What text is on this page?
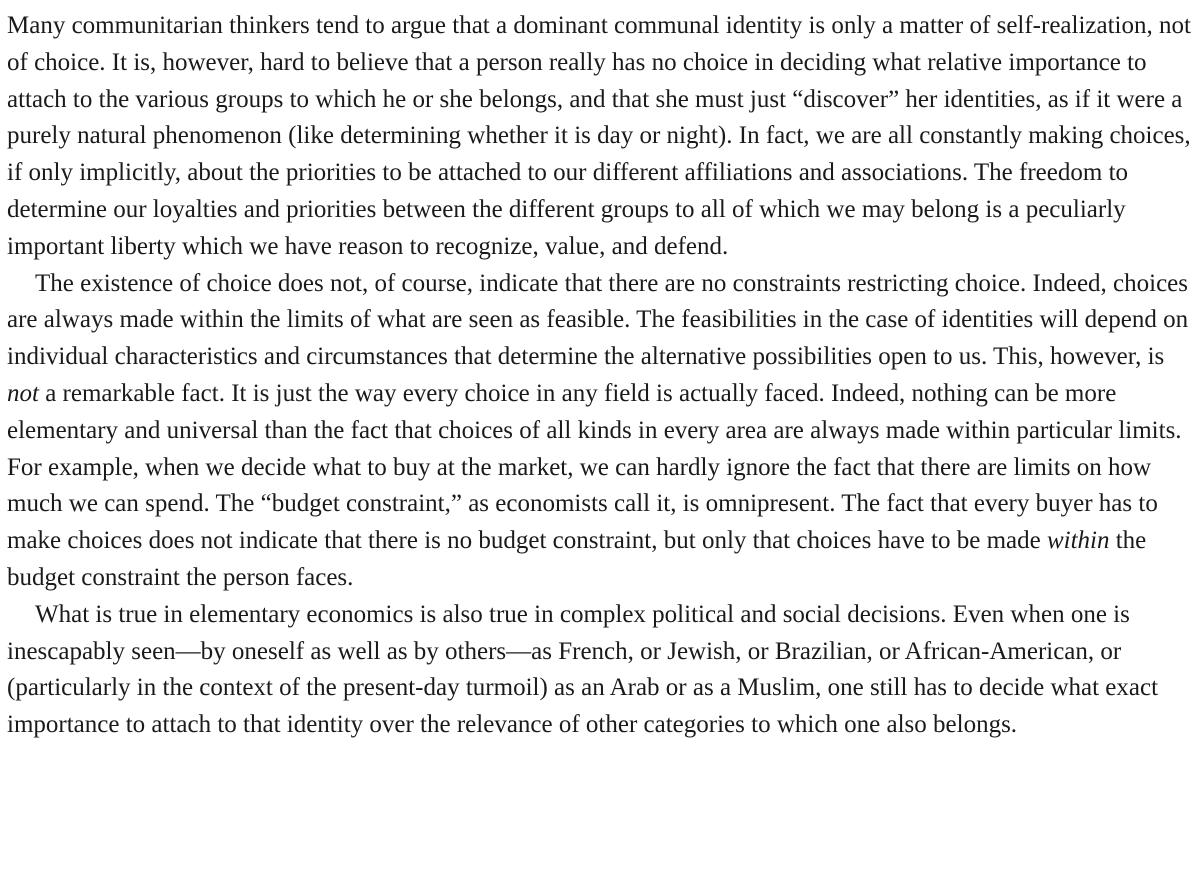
Many communitarian thinkers tend to argue that a dominant communal identity is only a matter of self-realization, not of choice. It is, however, hard to believe that a person really has no choice in deciding what relative importance to attach to the various groups to which he or she belongs, and that she must just “discover” her identities, as if it were a purely natural phenomenon (like determining whether it is day or night). In fact, we are all constantly making choices, if only implicitly, about the priorities to be attached to our different affiliations and associations. The freedom to determine our loyalties and priorities between the different groups to all of which we may belong is a peculiarly important liberty which we have reason to recognize, value, and defend.

The existence of choice does not, of course, indicate that there are no constraints restricting choice. Indeed, choices are always made within the limits of what are seen as feasible. The feasibilities in the case of identities will depend on individual characteristics and circumstances that determine the alternative possibilities open to us. This, however, is not a remarkable fact. It is just the way every choice in any field is actually faced. Indeed, nothing can be more elementary and universal than the fact that choices of all kinds in every area are always made within particular limits. For example, when we decide what to buy at the market, we can hardly ignore the fact that there are limits on how much we can spend. The “budget constraint,” as economists call it, is omnipresent. The fact that every buyer has to make choices does not indicate that there is no budget constraint, but only that choices have to be made within the budget constraint the person faces.

What is true in elementary economics is also true in complex political and social decisions. Even when one is inescapably seen—by oneself as well as by others—as French, or Jewish, or Brazilian, or African-American, or (particularly in the context of the present-day turmoil) as an Arab or as a Muslim, one still has to decide what exact importance to attach to that identity over the relevance of other categories to which one also belongs.
